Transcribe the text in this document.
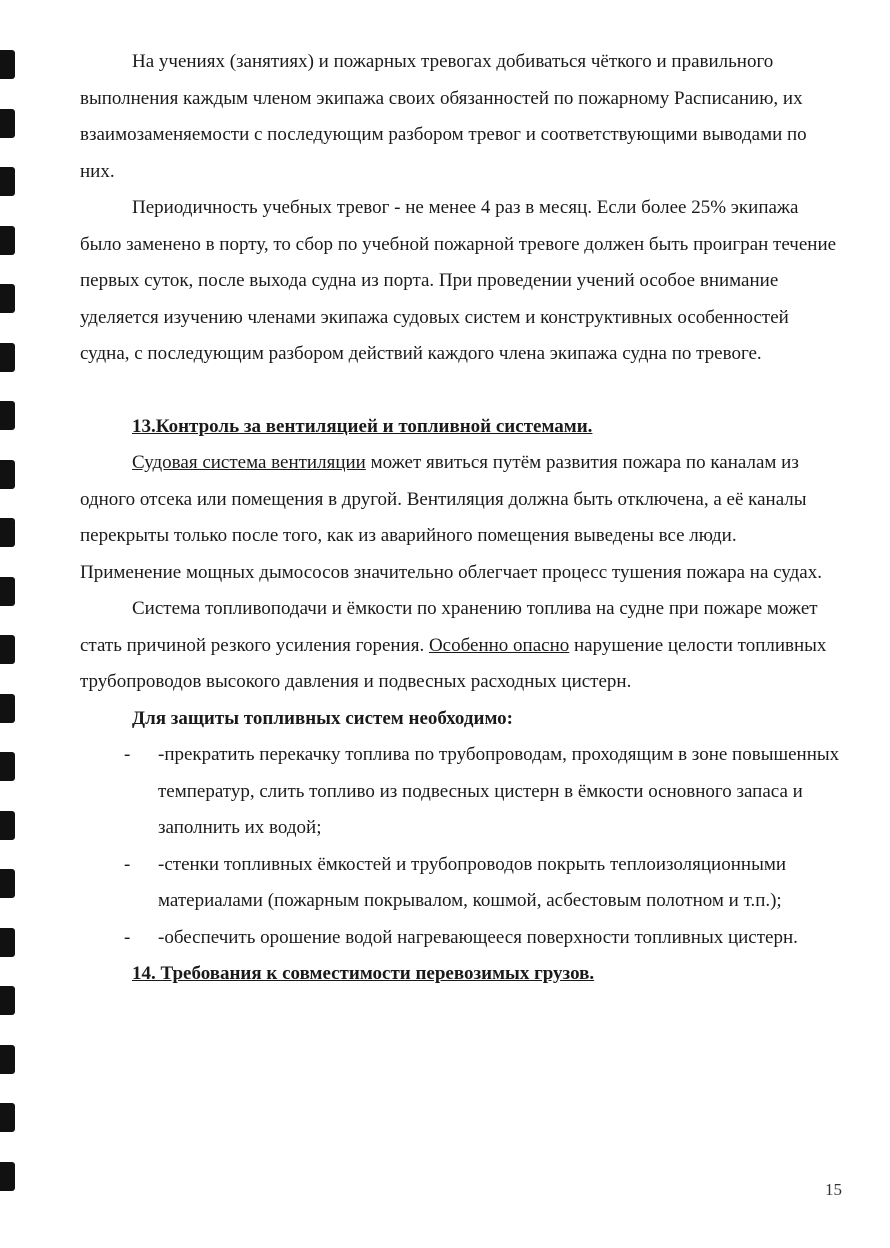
На учениях (занятиях) и пожарных тревогах добиваться чёткого и правильного выполнения каждым членом экипажа своих обязанностей по пожарному Расписанию, их взаимозаменяемости с последующим разбором тревог и соответствующими выводами по них.

Периодичность учебных тревог - не менее 4 раз в месяц. Если более 25% экипажа было заменено в порту, то сбор по учебной пожарной тревоге должен быть проигран течение первых суток, после выхода судна из порта. При проведении учений особое внимание уделяется изучению членами экипажа судовых систем и конструктивных особенностей судна, с последующим разбором действий каждого члена экипажа судна по тревоге.

13.Контроль за вентиляцией и топливной системами.

Судовая система вентиляции может явиться путём развития пожара по каналам из одного отсека или помещения в другой. Вентиляция должна быть отключена, а её каналы перекрыты только после того, как из аварийного помещения выведены все люди. Применение мощных дымососов значительно облегчает процесс тушения пожара на судах.

Система топливоподачи и ёмкости по хранению топлива на судне при пожаре может стать причиной резкого усиления горения. Особенно опасно нарушение целости топливных трубопроводов высокого давления и подвесных расходных цистерн.

Для защиты топливных систем необходимо:

- -прекратить перекачку топлива по трубопроводам, проходящим в зоне повышенных температур, слить топливо из подвесных цистерн в ёмкости основного запаса и заполнить их водой;
- -стенки топливных ёмкостей и трубопроводов покрыть теплоизоляционными материалами (пожарным покрывалом, кошмой, асбестовым полотном и т.п.);
- -обеспечить орошение водой нагревающееся поверхности топливных цистерн.

14. Требования к совместимости перевозимых грузов.

15
